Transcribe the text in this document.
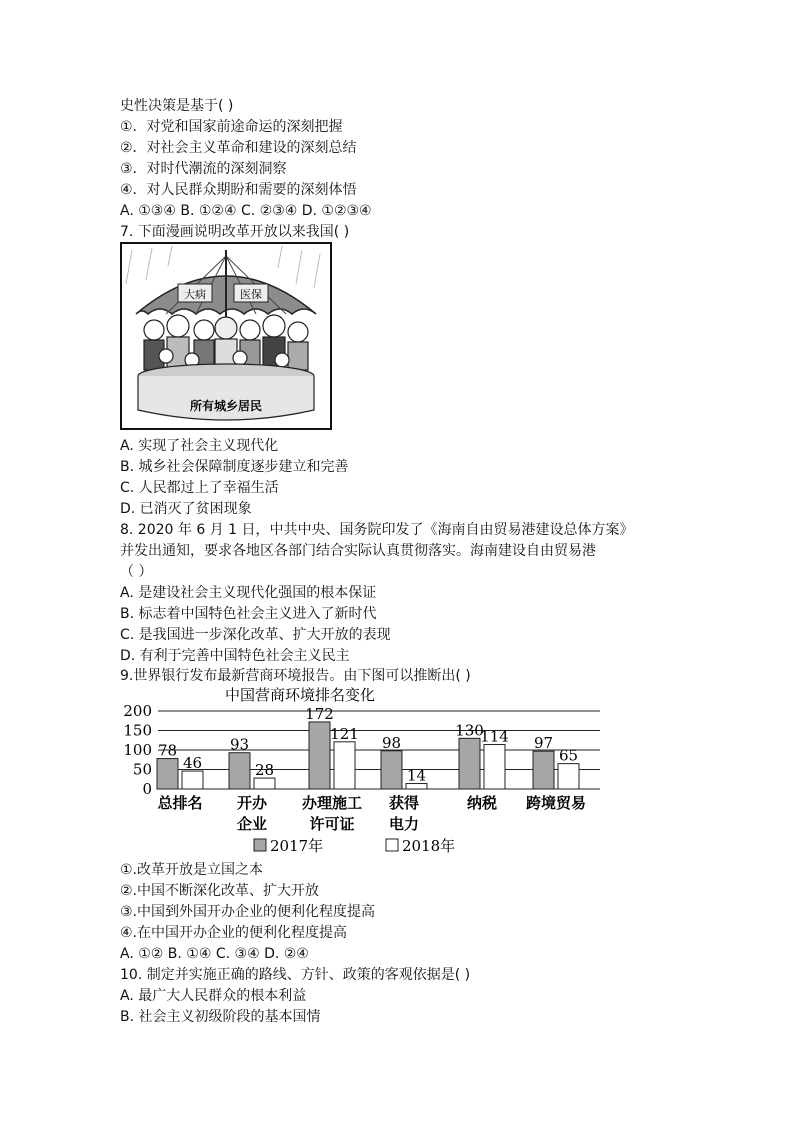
史性决策是基于( )
①．对党和国家前途命运的深刻把握
②．对社会主义革命和建设的深刻总结
③．对时代潮流的深刻洞察
④．对人民群众期盼和需要的深刻体悟
A. ①③④ B. ①②④ C. ②③④ D. ①②③④
7. 下面漫画说明改革开放以来我国( )
大病	医保
所有城乡居民
A. 实现了社会主义现代化
B. 城乡社会保障制度逐步建立和完善
C. 人民都过上了幸福生活
D. 已消灭了贫困现象
8. 2020 年 6 月 1 日，中共中央、国务院印发了《海南自由贸易港建设总体方案》
并发出通知，要求各地区各部门结合实际认真贯彻落实。海南建设自由贸易港
（ ）
A. 是建设社会主义现代化强国的根本保证
B. 标志着中国特色社会主义进入了新时代
C. 是我国进一步深化改革、扩大开放的表现
D. 有利于完善中国特色社会主义民主
9.世界银行发布最新营商环境报告。由下图可以推断出( )
中国营商环境排名变化
0
50
100
150
200
78
46
93
28
172
121 98
14
130
114 97
65
总排名 开办
企业
办理施工
许可证
获得
电力
纳税 跨境贸易
2017年	2018年
①.改革开放是立国之本
②.中国不断深化改革、扩大开放
③.中国到外国开办企业的便利化程度提高
④.在中国开办企业的便利化程度提高
A. ①② B. ①④ C. ③④ D. ②④
10. 制定并实施正确的路线、方针、政策的客观依据是( )
A. 最广大人民群众的根本利益
B. 社会主义初级阶段的基本国情
